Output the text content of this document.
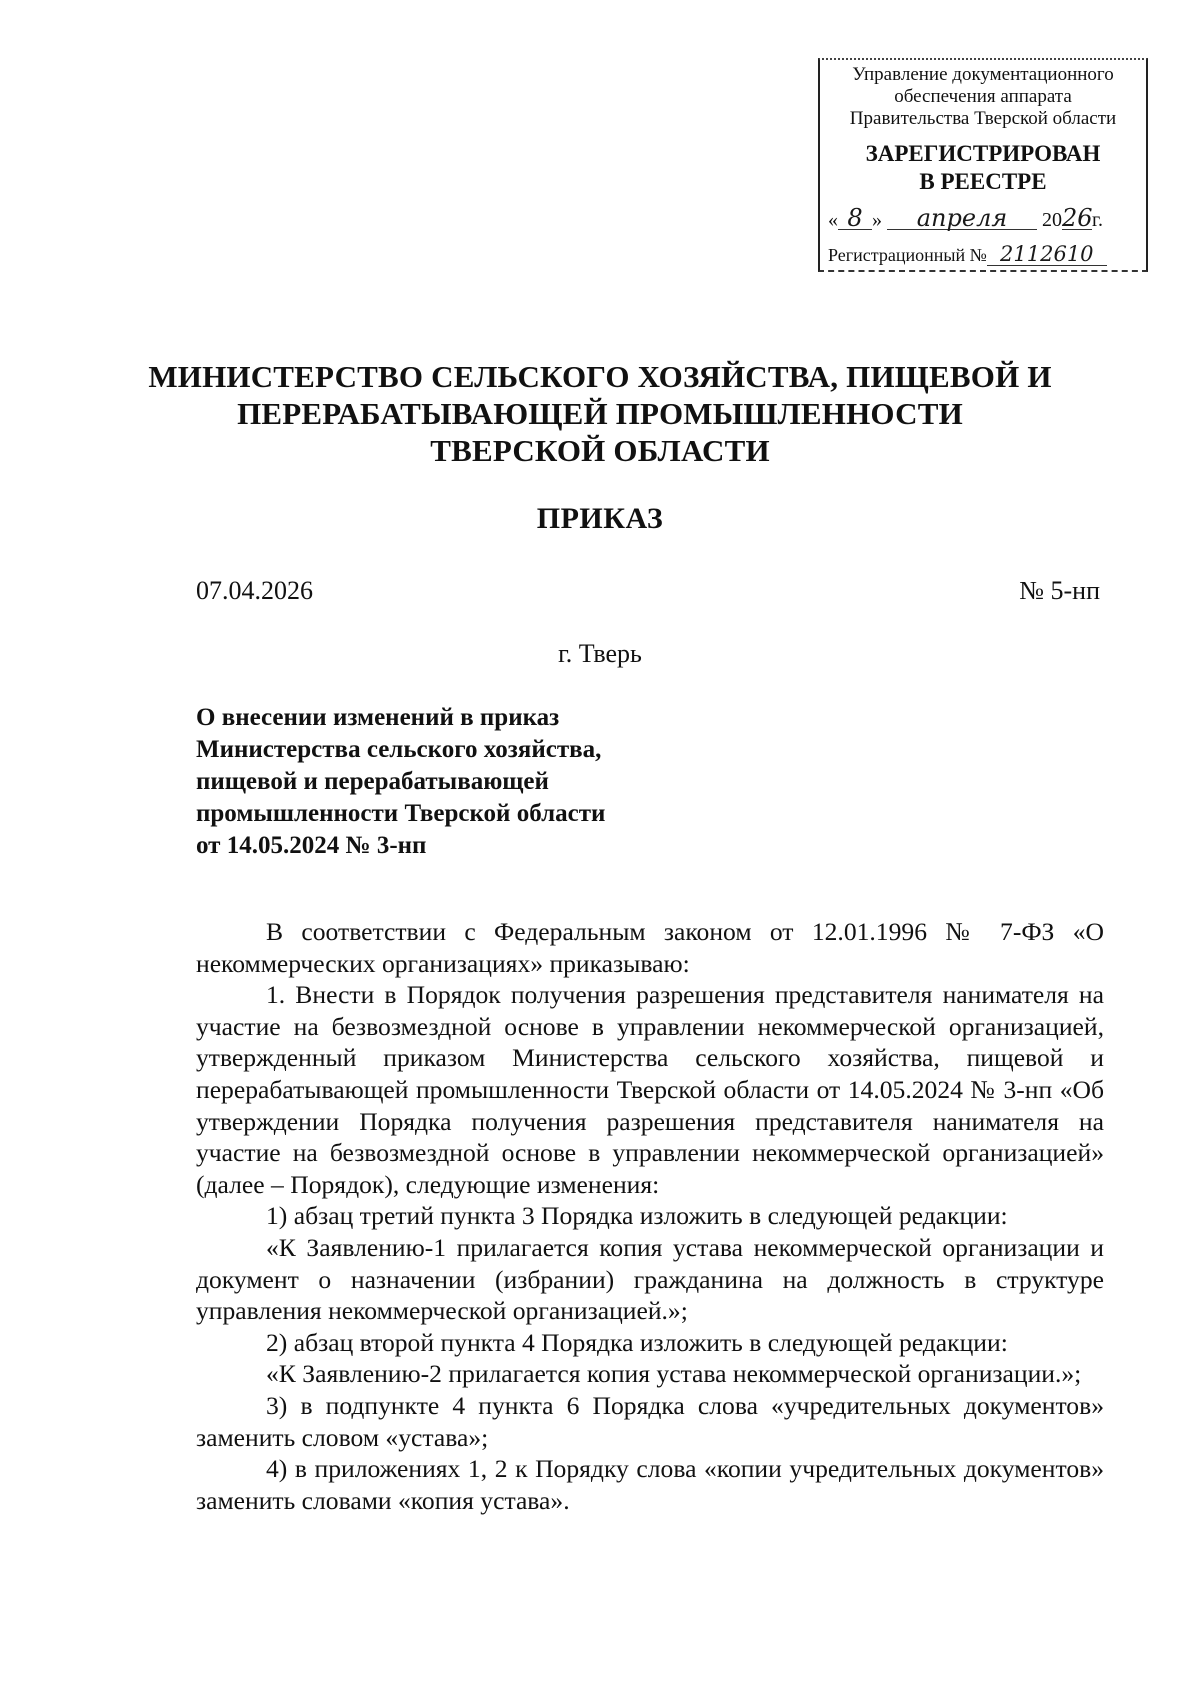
Управление документационного
обеспечения аппарата
Правительства Тверской области
ЗАРЕГИСТРИРОВАН
В РЕЕСТРЕ
« 8 » апреля 2026г.
Регистрационный № 2112610
МИНИСТЕРСТВО СЕЛЬСКОГО ХОЗЯЙСТВА, ПИЩЕВОЙ И
ПЕРЕРАБАТЫВАЮЩЕЙ ПРОМЫШЛЕННОСТИ
ТВЕРСКОЙ ОБЛАСТИ
ПРИКАЗ
07.04.2026	№ 5-нп
г. Тверь
О внесении изменений в приказ
Министерства сельского хозяйства,
пищевой и перерабатывающей
промышленности Тверской области
от 14.05.2024 № 3-нп

В соответствии с Федеральным законом от 12.01.1996 № 7-ФЗ «О некоммерческих организациях» приказываю:

1. Внести в Порядок получения разрешения представителя нанимателя на участие на безвозмездной основе в управлении некоммерческой организацией, утвержденный приказом Министерства сельского хозяйства, пищевой и перерабатывающей промышленности Тверской области от 14.05.2024 № 3-нп «Об утверждении Порядка получения разрешения представителя нанимателя на участие на безвозмездной основе в управлении некоммерческой организацией» (далее – Порядок), следующие изменения:

1) абзац третий пункта 3 Порядка изложить в следующей редакции:

«К Заявлению-1 прилагается копия устава некоммерческой организации и документ о назначении (избрании) гражданина на должность в структуре управления некоммерческой организацией.»;

2) абзац второй пункта 4 Порядка изложить в следующей редакции:

«К Заявлению-2 прилагается копия устава некоммерческой организации.»;

3) в подпункте 4 пункта 6 Порядка слова «учредительных документов» заменить словом «устава»;

4) в приложениях 1, 2 к Порядку слова «копии учредительных документов» заменить словами «копия устава».
